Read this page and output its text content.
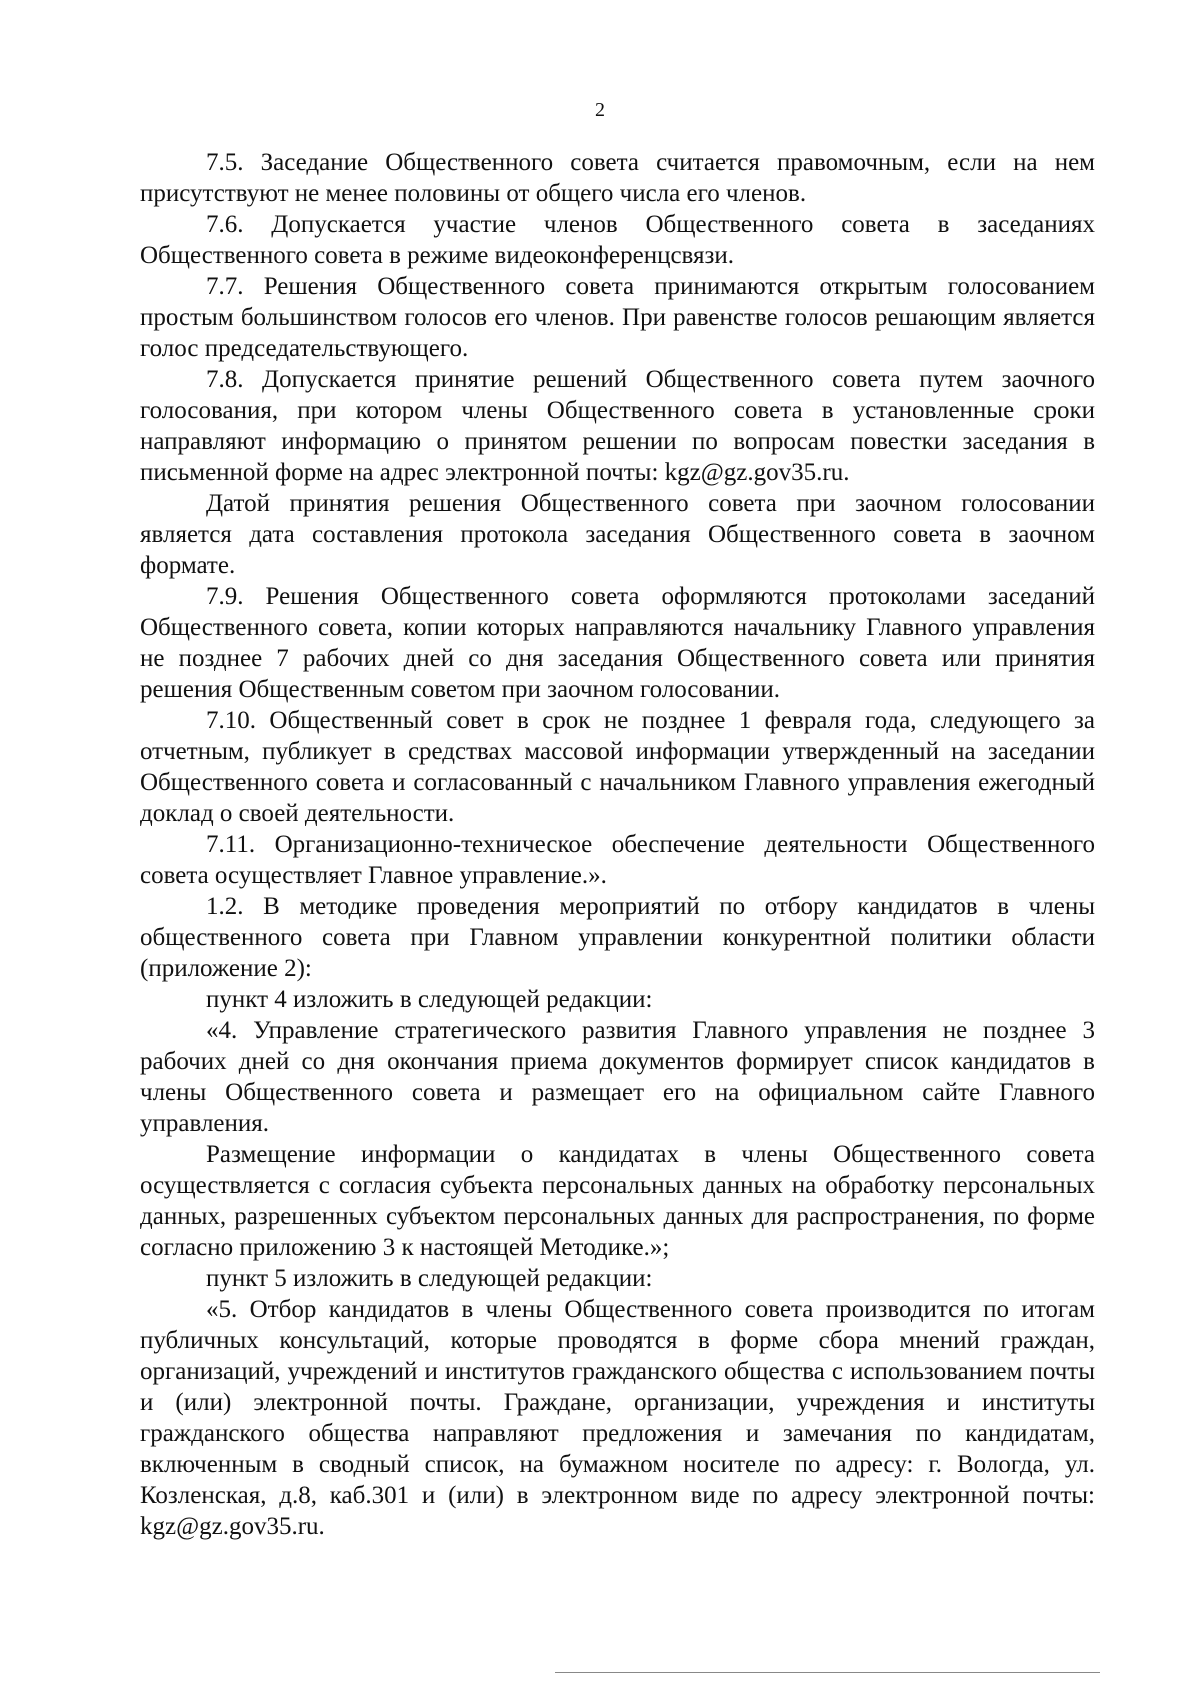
2

7.5. Заседание Общественного совета считается правомочным, если на нем присутствуют не менее половины от общего числа его членов.

7.6. Допускается участие членов Общественного совета в заседаниях Общественного совета в режиме видеоконференцсвязи.

7.7. Решения Общественного совета принимаются открытым голосованием простым большинством голосов его членов. При равенстве голосов решающим является голос председательствующего.

7.8. Допускается принятие решений Общественного совета путем заочного голосования, при котором члены Общественного совета в установленные сроки направляют информацию о принятом решении по вопросам повестки заседания в письменной форме на адрес электронной почты: kgz@gz.gov35.ru.

Датой принятия решения Общественного совета при заочном голосовании является дата составления протокола заседания Общественного совета в заочном формате.

7.9. Решения Общественного совета оформляются протоколами заседаний Общественного совета, копии которых направляются начальнику Главного управления не позднее 7 рабочих дней со дня заседания Общественного совета или принятия решения Общественным советом при заочном голосовании.

7.10. Общественный совет в срок не позднее 1 февраля года, следующего за отчетным, публикует в средствах массовой информации утвержденный на заседании Общественного совета и согласованный с начальником Главного управления ежегодный доклад о своей деятельности.

7.11. Организационно-техническое обеспечение деятельности Общественного совета осуществляет Главное управление.».

1.2. В методике проведения мероприятий по отбору кандидатов в члены общественного совета при Главном управлении конкурентной политики области (приложение 2):

пункт 4 изложить в следующей редакции:

«4. Управление стратегического развития Главного управления не позднее 3 рабочих дней со дня окончания приема документов формирует список кандидатов в члены Общественного совета и размещает его на официальном сайте Главного управления.

Размещение информации о кандидатах в члены Общественного совета осуществляется с согласия субъекта персональных данных на обработку персональных данных, разрешенных субъектом персональных данных для распространения, по форме согласно приложению 3 к настоящей Методике.»;

пункт 5 изложить в следующей редакции:

«5. Отбор кандидатов в члены Общественного совета производится по итогам публичных консультаций, которые проводятся в форме сбора мнений граждан, организаций, учреждений и институтов гражданского общества с использованием почты и (или) электронной почты. Граждане, организации, учреждения и институты гражданского общества направляют предложения и замечания по кандидатам, включенным в сводный список, на бумажном носителе по адресу: г. Вологда, ул. Козленская, д.8, каб.301 и (или) в электронном виде по адресу электронной почты: kgz@gz.gov35.ru.
